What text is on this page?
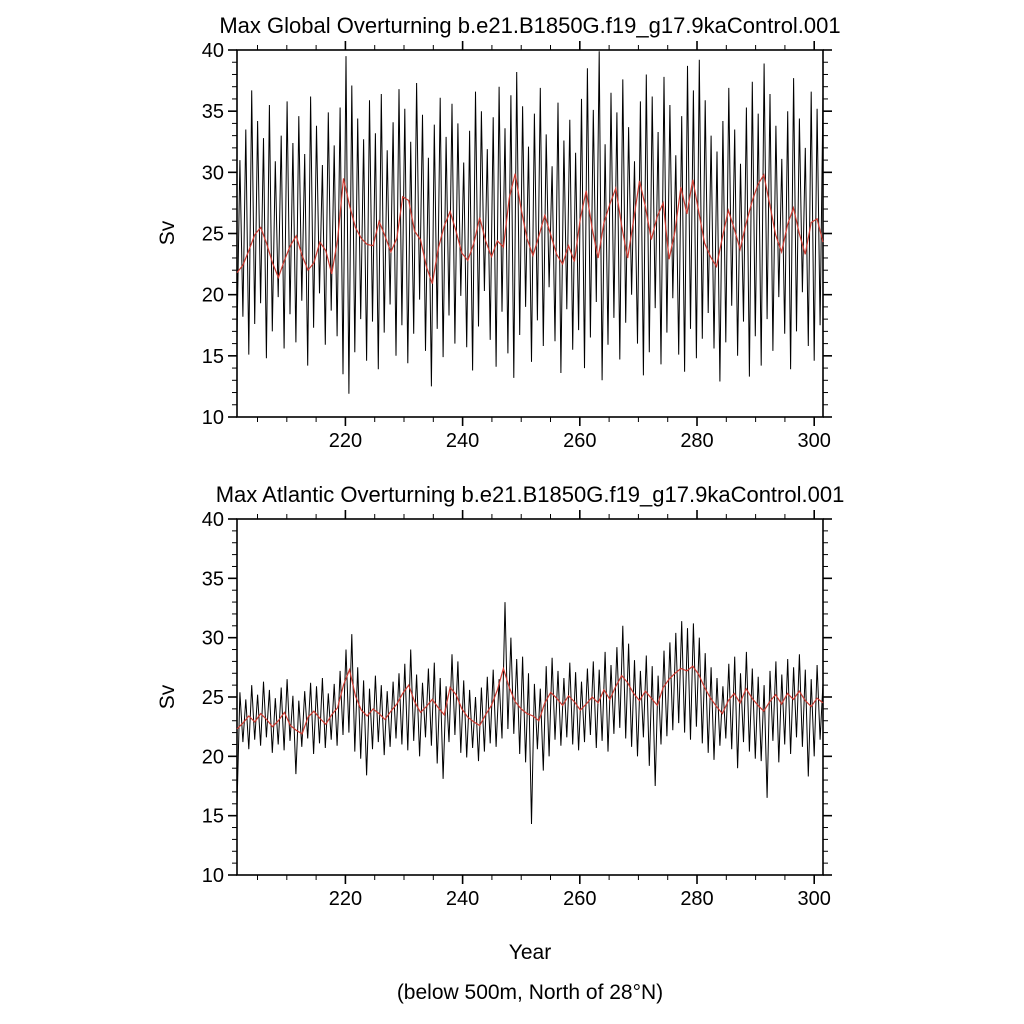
Max Global Overturning b.e21.B1850G.f19_g17.9kaControl.001
Sv
Max Atlantic Overturning b.e21.B1850G.f19_g17.9kaControl.001
Sv
10
15
20
25
30
35
40
220	240	260	280	300
10
15
20
25
30
35
40
220	240	260	280	300
Year
(below 500m, North of 28°N)
